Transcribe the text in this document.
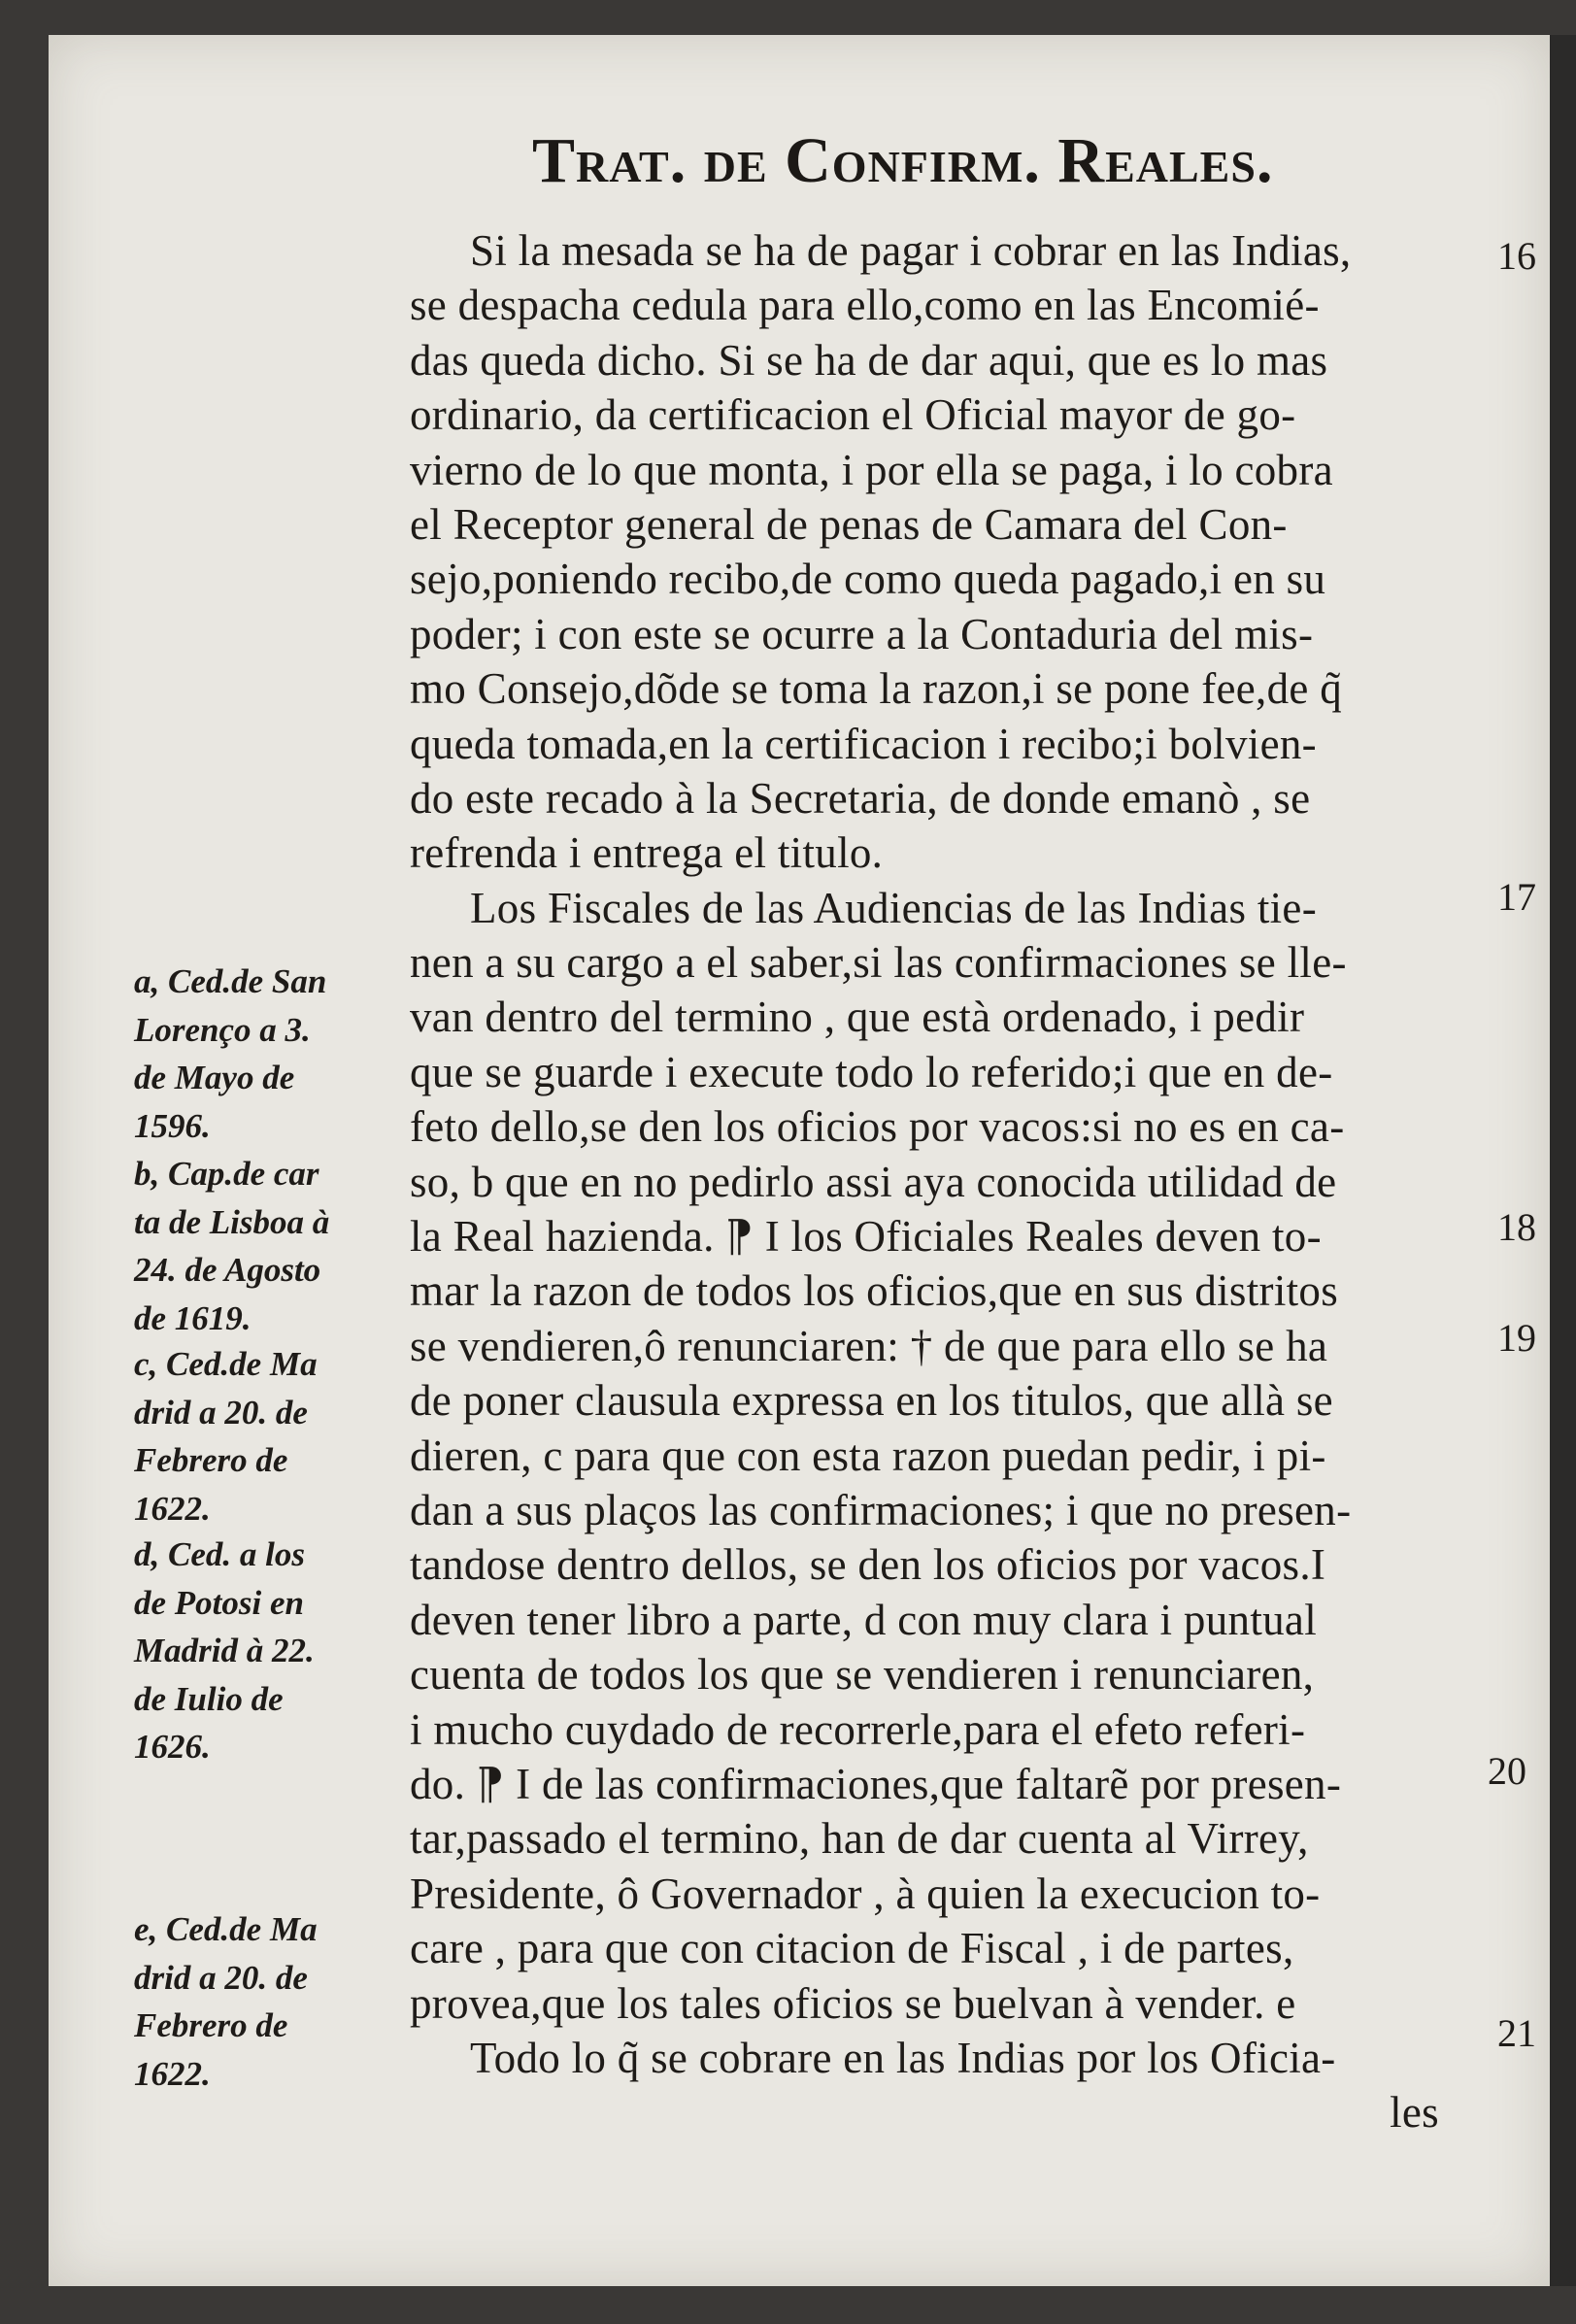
Trat. de Confirm. Reales.
Si la mesada se ha de pagar i cobrar en las Indias,
se despacha cedula para ello,como en las Encomié-
das queda dicho. Si se ha de dar aqui, que es lo mas
ordinario, da certificacion el Oficial mayor de go-
vierno de lo que monta, i por ella se paga, i lo cobra
el Receptor general de penas de Camara del Con-
sejo,poniendo recibo,de como queda pagado,i en su
poder; i con este se ocurre a la Contaduria del mis-
mo Consejo,dõde se toma la razon,i se pone fee,de q̃
queda tomada,en la certificacion i recibo;i bolvien-
do este recado à la Secretaria, de donde emanò , se
refrenda i entrega el titulo.
Los Fiscales de las Audiencias de las Indias tie-
nen a su cargo a el saber,si las confirmaciones se lle-
van dentro del termino , que està ordenado, i pedir
que se guarde i execute todo lo referido;i que en de-
feto dello,se den los oficios por vacos:si no es en ca-
so, b que en no pedirlo assi aya conocida utilidad de
la Real hazienda. ⁋ I los Oficiales Reales deven to-
mar la razon de todos los oficios,que en sus distritos
se vendieren,ô renunciaren: † de que para ello se ha
de poner clausula expressa en los titulos, que allà se
dieren, c para que con esta razon puedan pedir, i pi-
dan a sus plaços las confirmaciones; i que no presen-
tandose dentro dellos, se den los oficios por vacos.I
deven tener libro a parte, d con muy clara i puntual
cuenta de todos los que se vendieren i renunciaren,
i mucho cuydado de recorrerle,para el efeto referi-
do. ⁋ I de las confirmaciones,que faltarẽ por presen-
tar,passado el termino, han de dar cuenta al Virrey,
Presidente, ô Governador , à quien la execucion to-
care , para que con citacion de Fiscal , i de partes,
provea,que los tales oficios se buelvan à vender. e
Todo lo q̃ se cobrare en las Indias por los Oficia-
les
16
17
18
19
20
21
a, Ced.de San
Lorenço a 3.
de Mayo de
1596.
b, Cap.de car
ta de Lisboa à
24. de Agosto
de 1619.
c, Ced.de Ma
drid a 20. de
Febrero de
1622.
d, Ced. a los
de Potosi en
Madrid à 22.
de Iulio de
1626.
e, Ced.de Ma
drid a 20. de
Febrero de
1622.
